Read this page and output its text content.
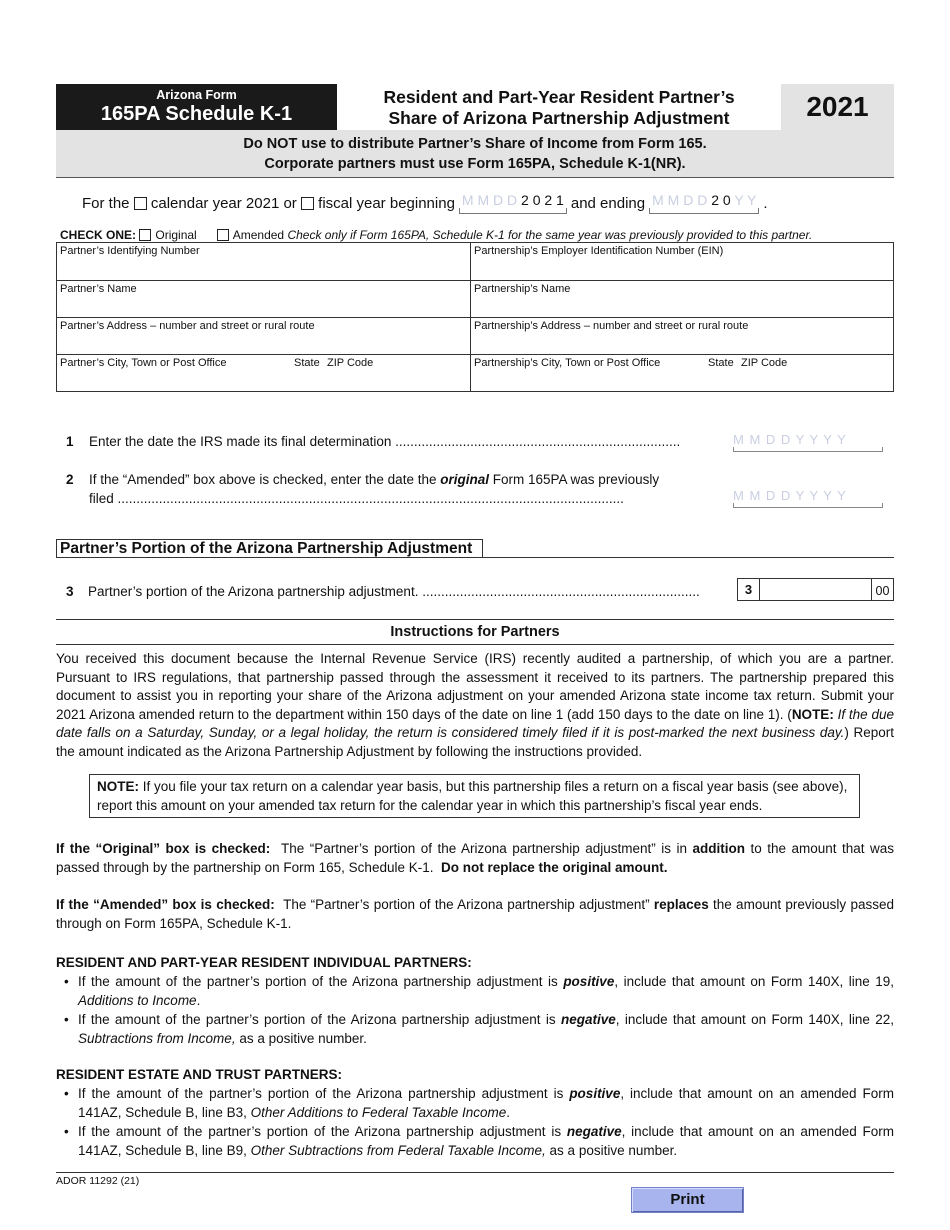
Arizona Form
165PA Schedule K-1
Resident and Part-Year Resident Partner’s
Share of Arizona Partnership Adjustment	2021
Do NOT use to distribute Partner’s Share of Income from Form 165.
Corporate partners must use Form 165PA, Schedule K-1(NR).
For the

calendar year 2021 or

fiscal year beginning M M D D 2 0 2 1 and ending M M D D 2 0 Y Y .
CHECK ONE:
Original	Amended
Check only if Form 165PA, Schedule K-1 for the same year was previously provided to this partner.
Partner’s Identifying Number	Partnership’s Employer Identification Number (EIN)
Partner’s Name	Partnership’s Name
Partner’s Address – number and street or rural route	Partnership’s Address – number and street or rural route
Partner’s City, Town or Post Office	State ZIP Code	Partnership’s City, Town or Post Office	State ZIP Code
1 Enter the date the IRS made its final determination ............................................................................	M M D D Y Y Y Y
2 If the “Amended” box above is checked, enter the date the original Form 165PA was previously
filed .......................................................................................................................................	M M D D Y Y Y Y
Partner’s Portion of the Arizona Partnership Adjustment
3 Partner’s portion of the Arizona partnership adjustment. ..........................................................................	3	00
Instructions for Partners
You received this document because the Internal Revenue Service (IRS) recently audited a partnership, of which you are a partner. Pursuant to IRS regulations, that partnership passed through the assessment it received to its partners. The partnership prepared this document to assist you in reporting your share of the Arizona adjustment on your amended Arizona state income tax return. Submit your 2021 Arizona amended return to the department within 150 days of the date on line 1 (add 150 days to the date on line 1). (NOTE: If the due date falls on a Saturday, Sunday, or a legal holiday, the return is considered timely filed if it is post-marked the next business day.) Report the amount indicated as the Arizona Partnership Adjustment by following the instructions provided.
NOTE: If you file your tax return on a calendar year basis, but this partnership files a return on a fiscal year basis (see above), report this amount on your amended tax return for the calendar year in which this partnership’s fiscal year ends.
If the “Original” box is checked: The “Partner’s portion of the Arizona partnership adjustment” is in addition to the amount that was passed through by the partnership on Form 165, Schedule K-1. Do not replace the original amount.
If the “Amended” box is checked: The “Partner’s portion of the Arizona partnership adjustment” replaces the amount previously passed through on Form 165PA, Schedule K-1.
RESIDENT AND PART-YEAR RESIDENT INDIVIDUAL PARTNERS:
• If the amount of the partner’s portion of the Arizona partnership adjustment is positive, include that amount on Form 140X, line 19, Additions to Income.
• If the amount of the partner’s portion of the Arizona partnership adjustment is negative, include that amount on Form 140X, line 22, Subtractions from Income, as a positive number.
RESIDENT ESTATE AND TRUST PARTNERS:
• If the amount of the partner’s portion of the Arizona partnership adjustment is positive, include that amount on an amended Form 141AZ, Schedule B, line B3, Other Additions to Federal Taxable Income.
• If the amount of the partner’s portion of the Arizona partnership adjustment is negative, include that amount on an amended Form 141AZ, Schedule B, line B9, Other Subtractions from Federal Taxable Income, as a positive number.
ADOR 11292 (21)
Print
